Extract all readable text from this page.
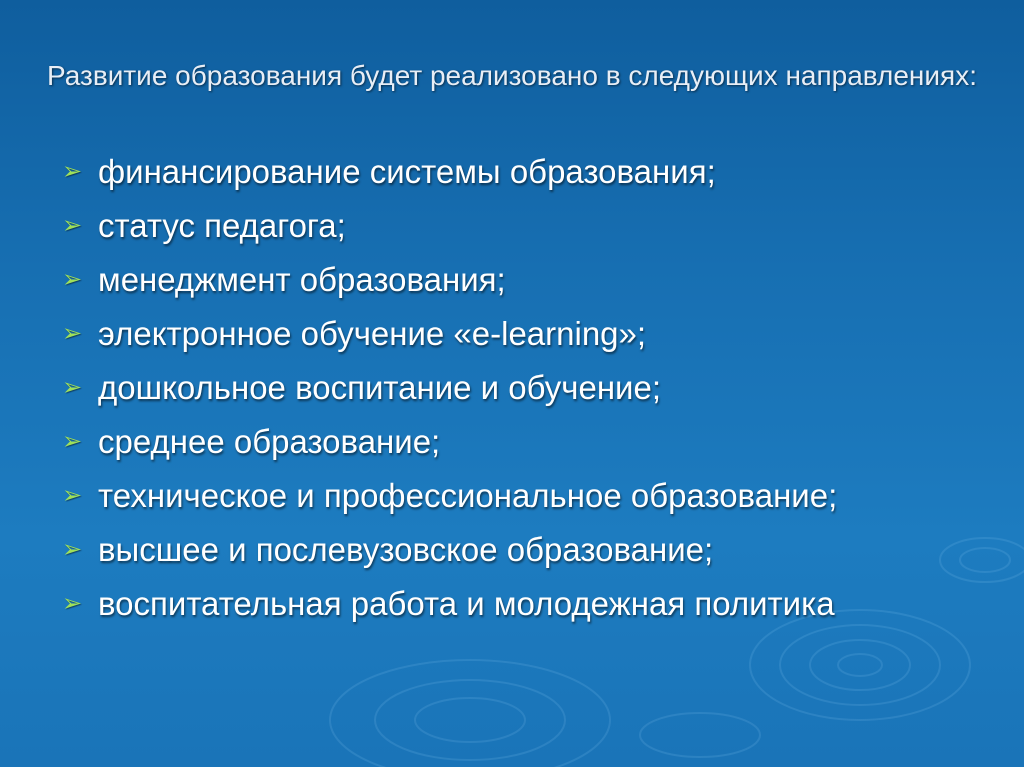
Развитие образования будет реализовано в следующих направлениях:
➢ финансирование системы образования;
➢ статус педагога;
➢ менеджмент образования;
➢ электронное обучение «e-learning»;
➢ дошкольное воспитание и обучение;
➢ среднее образование;
➢ техническое и профессиональное образование;
➢ высшее и послевузовское образование;
➢ воспитательная работа и молодежная политика
